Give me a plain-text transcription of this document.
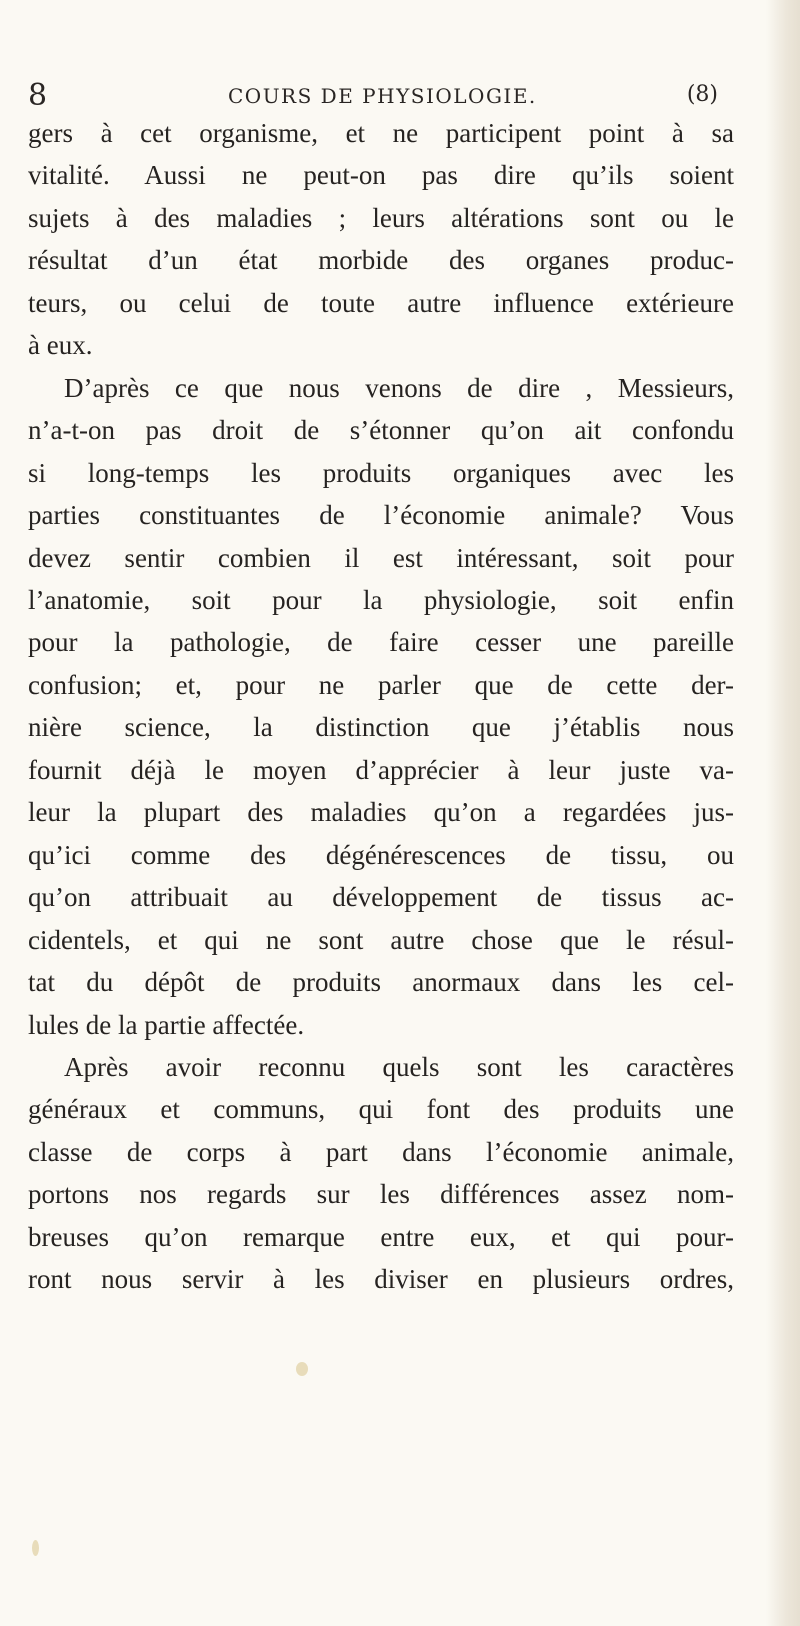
8	COURS DE PHYSIOLOGIE.	(8)
gers à cet organisme, et ne participent point à sa
vitalité. Aussi ne peut-on pas dire qu’ils soient
sujets à des maladies ; leurs altérations sont ou le
résultat d’un état morbide des organes produc-
teurs, ou celui de toute autre influence extérieure
à eux.
D’après ce que nous venons de dire , Messieurs,
n’a-t-on pas droit de s’étonner qu’on ait confondu
si long-temps les produits organiques avec les
parties constituantes de l’économie animale? Vous
devez sentir combien il est intéressant, soit pour
l’anatomie, soit pour la physiologie, soit enfin
pour la pathologie, de faire cesser une pareille
confusion; et, pour ne parler que de cette der-
nière science, la distinction que j’établis nous
fournit déjà le moyen d’apprécier à leur juste va-
leur la plupart des maladies qu’on a regardées jus-
qu’ici comme des dégénérescences de tissu, ou
qu’on attribuait au développement de tissus ac-
cidentels, et qui ne sont autre chose que le résul-
tat du dépôt de produits anormaux dans les cel-
lules de la partie affectée.
Après avoir reconnu quels sont les caractères
généraux et communs, qui font des produits une
classe de corps à part dans l’économie animale,
portons nos regards sur les différences assez nom-
breuses qu’on remarque entre eux, et qui pour-
ront nous servir à les diviser en plusieurs ordres,
